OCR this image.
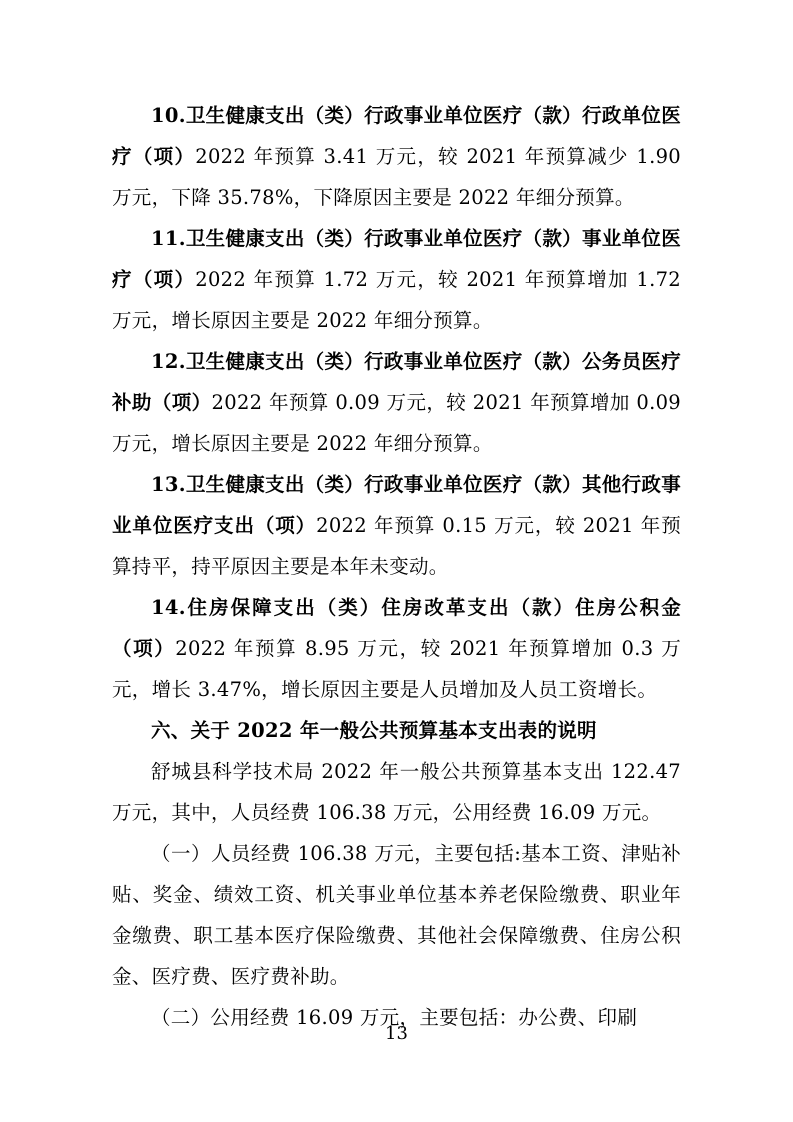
10.卫生健康支出（类）行政事业单位医疗（款）行政单位医疗（项）2022 年预算 3.41 万元，较 2021 年预算减少 1.90 万元，下降 35.78%，下降原因主要是 2022 年细分预算。

11.卫生健康支出（类）行政事业单位医疗（款）事业单位医疗（项）2022 年预算 1.72 万元，较 2021 年预算增加 1.72 万元，增长原因主要是 2022 年细分预算。

12.卫生健康支出（类）行政事业单位医疗（款）公务员医疗补助（项）2022 年预算 0.09 万元，较 2021 年预算增加 0.09 万元，增长原因主要是 2022 年细分预算。

13.卫生健康支出（类）行政事业单位医疗（款）其他行政事业单位医疗支出（项）2022 年预算 0.15 万元，较 2021 年预算持平，持平原因主要是本年未变动。

14.住房保障支出（类）住房改革支出（款）住房公积金（项）2022 年预算 8.95 万元，较 2021 年预算增加 0.3 万元，增长 3.47%，增长原因主要是人员增加及人员工资增长。

六、关于 2022 年一般公共预算基本支出表的说明

舒城县科学技术局 2022 年一般公共预算基本支出 122.47 万元，其中，人员经费 106.38 万元，公用经费 16.09 万元。

（一）人员经费 106.38 万元，主要包括:基本工资、津贴补贴、奖金、绩效工资、机关事业单位基本养老保险缴费、职业年金缴费、职工基本医疗保险缴费、其他社会保障缴费、住房公积金、医疗费、医疗费补助。

（二）公用经费 16.09 万元，主要包括：办公费、印刷

13
